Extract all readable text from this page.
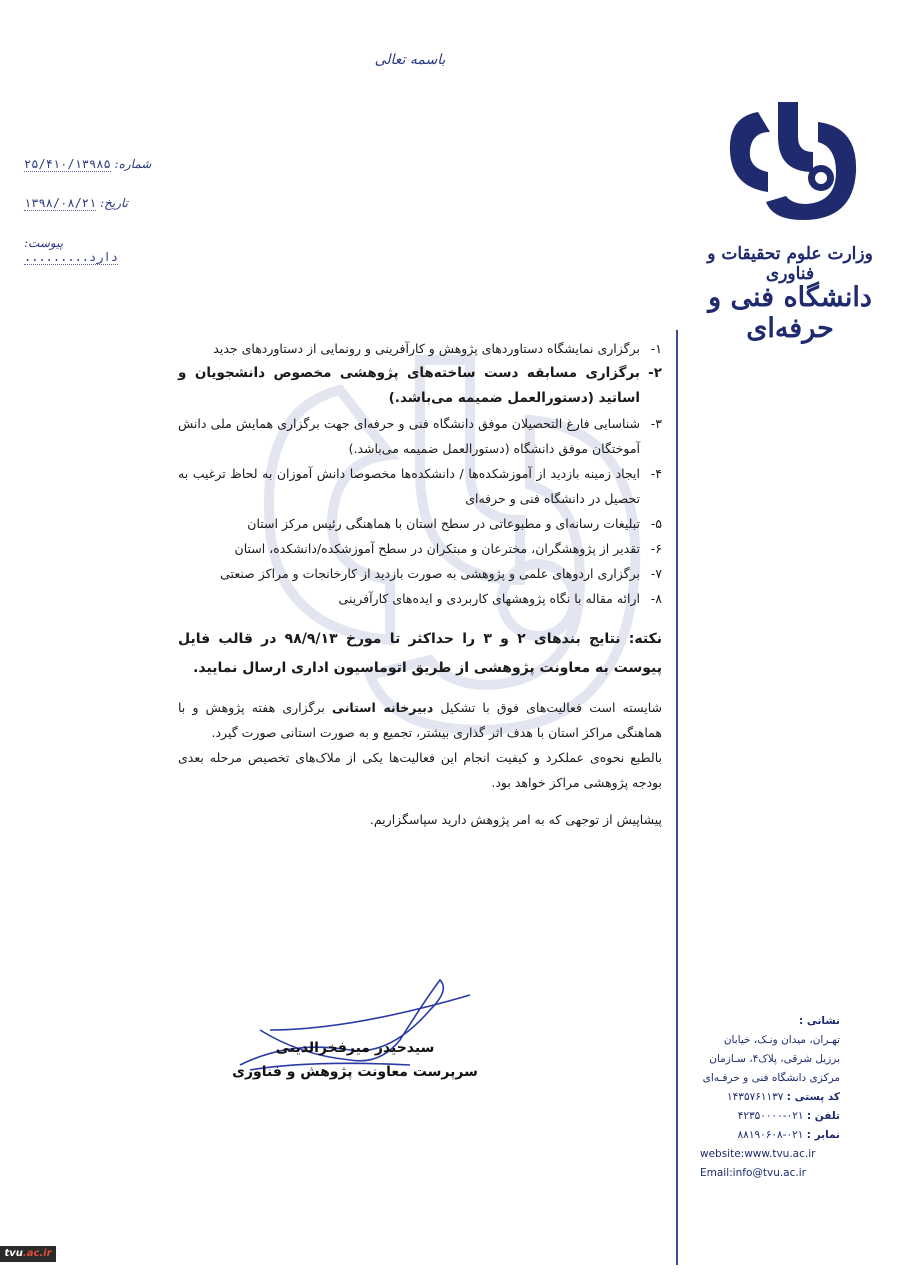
باسمه تعالی
شماره: ۲۵/۴۱۰/۱۳۹۸۵
تاریخ: ۱۳۹۸/۰۸/۲۱
پیوست: دارد.........	وزارت علوم تحقیقات و فناوری
دانشگاه فنی و حرفه‌ای
۱-
برگزاری نمایشگاه دستاوردهای پژوهش و کارآفرینی و رونمایی از دستاوردهای جدید
۲-
برگزاری مسابقه دست ساخته‌های پژوهشی مخصوص دانشجویان و اساتید (دستورالعمل ضمیمه می‌باشد.)
۳-
شناسایی فارغ التحصیلان موفق دانشگاه فنی و حرفه‌ای جهت برگزاری همایش ملی دانش آموختگان موفق دانشگاه (دستورالعمل ضمیمه می‌باشد.)
۴-
ایجاد زمینه بازدید از آموزشکده‌ها / دانشکده‌ها مخصوصا دانش آموزان به لحاظ ترغیب به تحصیل در دانشگاه فنی و حرفه‌ای
۵-
تبلیغات رسانه‌ای و مطبوعاتی در سطح استان با هماهنگی رئیس مرکز استان
۶-
تقدیر از پژوهشگران، مخترعان و مبتکران در سطح آموزشکده/دانشکده، استان
۷-
برگزاری اردوهای علمی و پژوهشی به صورت بازدید از کارخانجات و مراکز صنعتی
۸-
ارائه مقاله با نگاه پژوهشهای کاربردی و ایده‌های کارآفرینی
نکته: نتایج بندهای ۲ و ۳ را حداکثر تا مورخ ۹۸/۹/۱۳ در قالب فایل پیوست به معاونت پژوهشی از طریق اتوماسیون اداری ارسال نمایید.
شایسته است فعالیت‌های فوق با تشکیل دبیرخانه استانی برگزاری هفته پژوهش و با هماهنگی مراکز استان با هدف اثر گذاری بیشتر، تجمیع و به صورت استانی صورت گیرد.
بالطبع نحوه‌ی عملکرد و کیفیت انجام این فعالیت‌ها یکی از ملاک‌های تخصیص مرحله بعدی بودجه پژوهشی مراکز خواهد بود.
پیشاپیش از توجهی که به امر پژوهش دارید سپاسگزاریم.
سیدحیدر میرفخرالدینی
سرپرست معاونت پژوهش و فناوری
نشانی :
تهـران، میدان ونـک، خیابان
برزیل شرقی، پلاک۴، سـازمان
مرکزی دانشگاه فنی و حرفـه‌ای
کد پستی : ۱۴۳۵۷۶۱۱۳۷
تلفن : ۰۲۱-۴۲۳۵۰۰۰۰
نمابر : ۰۲۱-۸۸۱۹۰۶۰۸
website:www.tvu.ac.ir
Email:info@tvu.ac.ir
tvu.ac.ir
